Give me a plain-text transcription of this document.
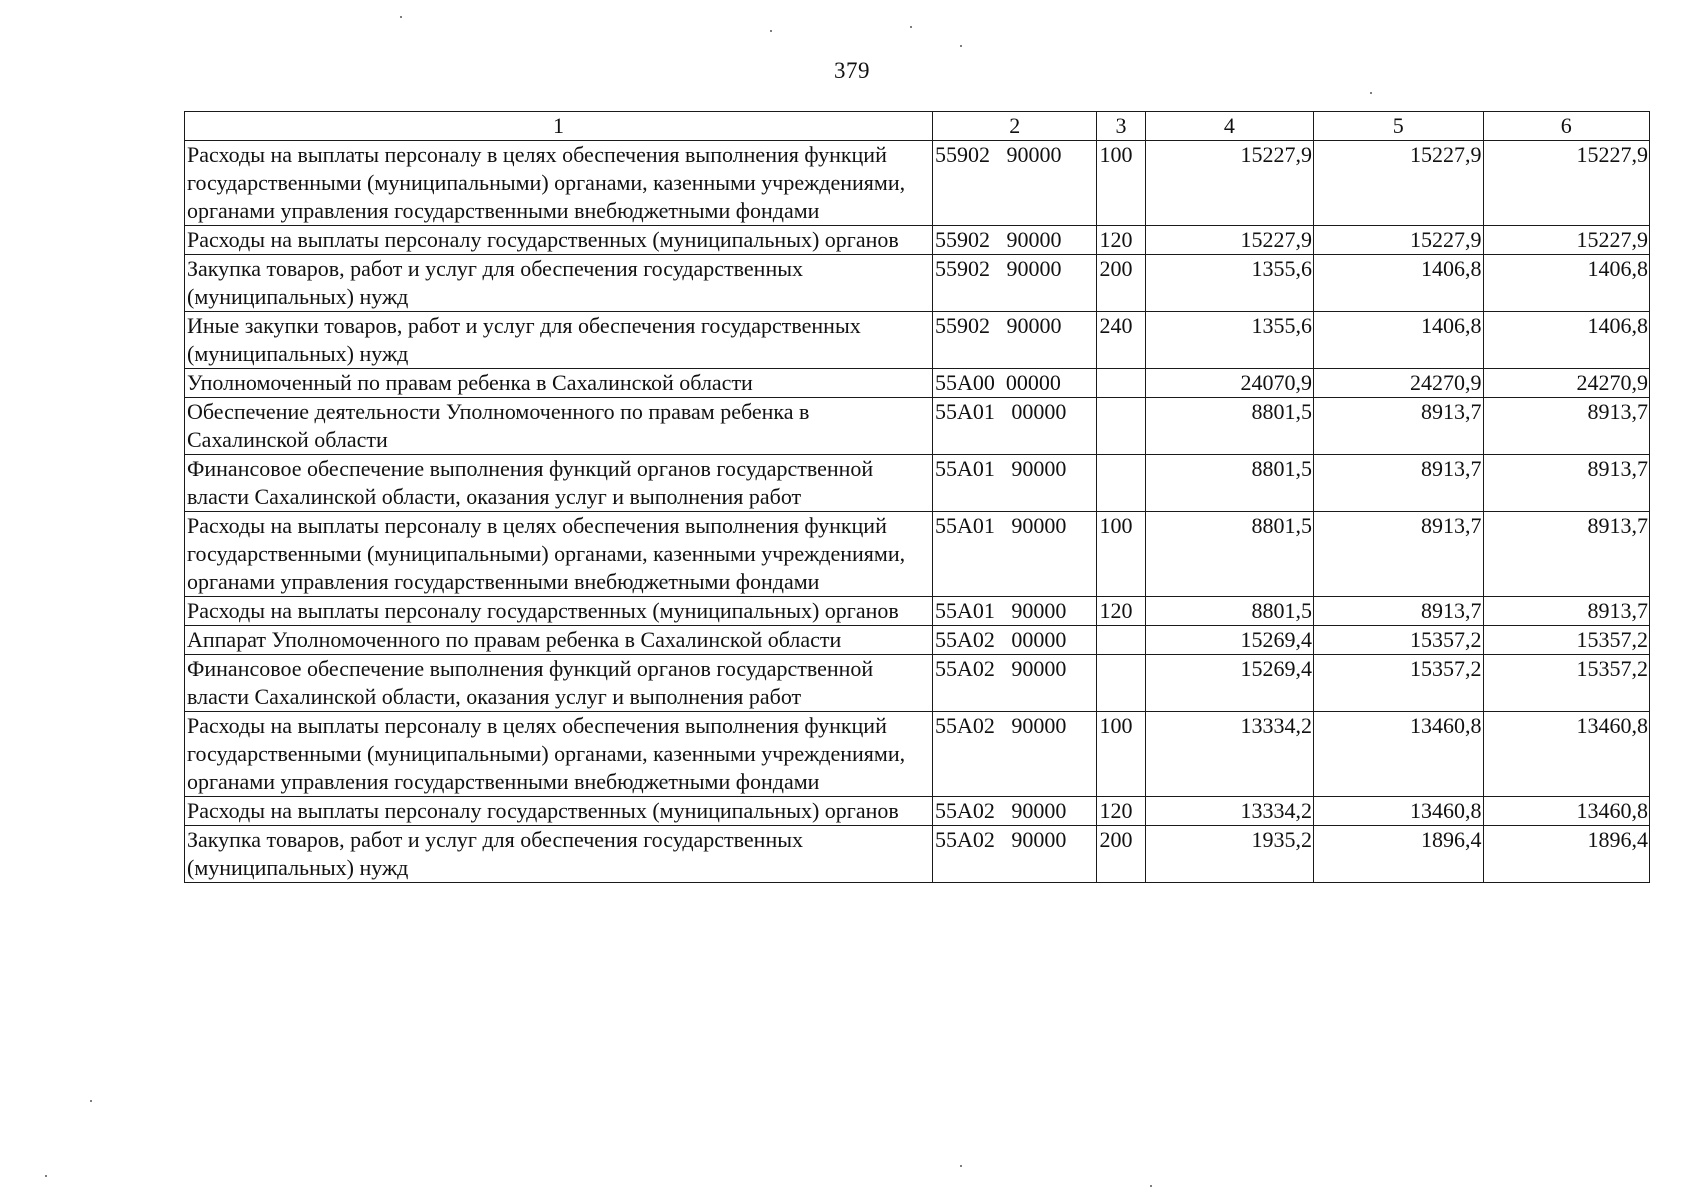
379
1	2	3	4	5	6
Расходы на выплаты персоналу в целях обеспечения выполнения функций государственными (муниципальными) органами, казенными учреждениями, органами управления государственными внебюджетными фондами	55902   90000	100	15227,9	15227,9	15227,9
Расходы на выплаты персоналу государственных (муниципальных) органов	55902   90000	120	15227,9	15227,9	15227,9
Закупка товаров, работ и услуг для обеспечения государственных (муниципальных) нужд	55902   90000	200	1355,6	1406,8	1406,8
Иные закупки товаров, работ и услуг для обеспечения государственных (муниципальных) нужд	55902   90000	240	1355,6	1406,8	1406,8
Уполномоченный по правам ребенка в Сахалинской области	55А00  00000		24070,9	24270,9	24270,9
Обеспечение деятельности Уполномоченного по правам ребенка в Сахалинской области	55А01   00000		8801,5	8913,7	8913,7
Финансовое обеспечение выполнения функций органов государственной власти Сахалинской области, оказания услуг и выполнения работ	55А01   90000		8801,5	8913,7	8913,7
Расходы на выплаты персоналу в целях обеспечения выполнения функций государственными (муниципальными) органами, казенными учреждениями, органами управления государственными внебюджетными фондами	55А01   90000	100	8801,5	8913,7	8913,7
Расходы на выплаты персоналу государственных (муниципальных) органов	55А01   90000	120	8801,5	8913,7	8913,7
Аппарат Уполномоченного по правам ребенка в Сахалинской области	55А02   00000		15269,4	15357,2	15357,2
Финансовое обеспечение выполнения функций органов государственной власти Сахалинской области, оказания услуг и выполнения работ	55А02   90000		15269,4	15357,2	15357,2
Расходы на выплаты персоналу в целях обеспечения выполнения функций государственными (муниципальными) органами, казенными учреждениями, органами управления государственными внебюджетными фондами	55А02   90000	100	13334,2	13460,8	13460,8
Расходы на выплаты персоналу государственных (муниципальных) органов	55А02   90000	120	13334,2	13460,8	13460,8
Закупка товаров, работ и услуг для обеспечения государственных (муниципальных) нужд	55А02   90000	200	1935,2	1896,4	1896,4
